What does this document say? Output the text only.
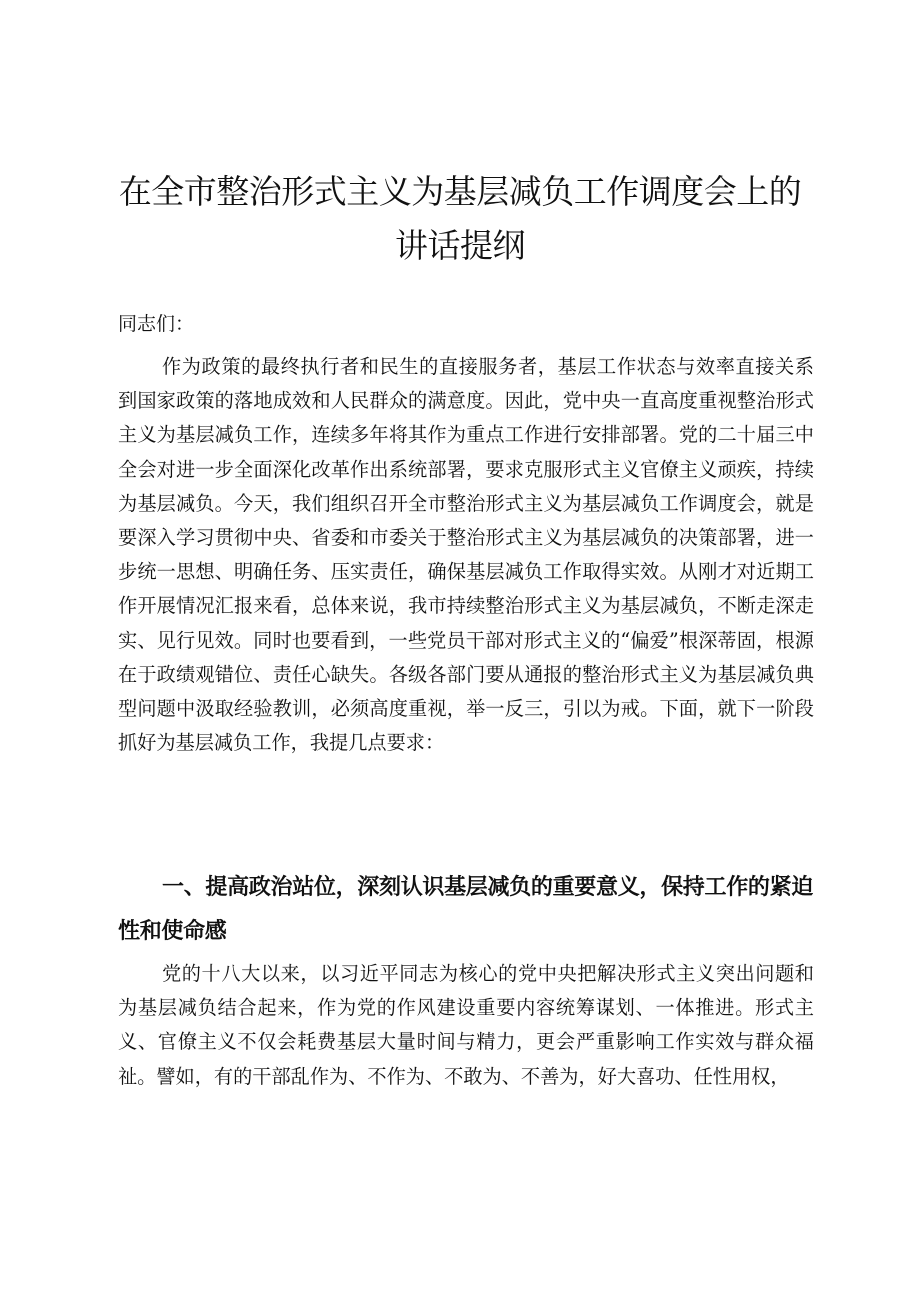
在全市整治形式主义为基层减负工作调度会上的讲话提纲

同志们：

作为政策的最终执行者和民生的直接服务者，基层工作状态与效率直接关系到国家政策的落地成效和人民群众的满意度。因此，党中央一直高度重视整治形式主义为基层减负工作，连续多年将其作为重点工作进行安排部署。党的二十届三中全会对进一步全面深化改革作出系统部署，要求克服形式主义官僚主义顽疾，持续为基层减负。今天，我们组织召开全市整治形式主义为基层减负工作调度会，就是要深入学习贯彻中央、省委和市委关于整治形式主义为基层减负的决策部署，进一步统一思想、明确任务、压实责任，确保基层减负工作取得实效。从刚才对近期工作开展情况汇报来看，总体来说，我市持续整治形式主义为基层减负，不断走深走实、见行见效。同时也要看到，一些党员干部对形式主义的“偏爱”根深蒂固，根源在于政绩观错位、责任心缺失。各级各部门要从通报的整治形式主义为基层减负典型问题中汲取经验教训，必须高度重视，举一反三，引以为戒。下面，就下一阶段抓好为基层减负工作，我提几点要求：

一、提高政治站位，深刻认识基层减负的重要意义，保持工作的紧迫性和使命感

党的十八大以来，以习近平同志为核心的党中央把解决形式主义突出问题和为基层减负结合起来，作为党的作风建设重要内容统筹谋划、一体推进。形式主义、官僚主义不仅会耗费基层大量时间与精力，更会严重影响工作实效与群众福祉。譬如，有的干部乱作为、不作为、不敢为、不善为，好大喜功、任性用权，
